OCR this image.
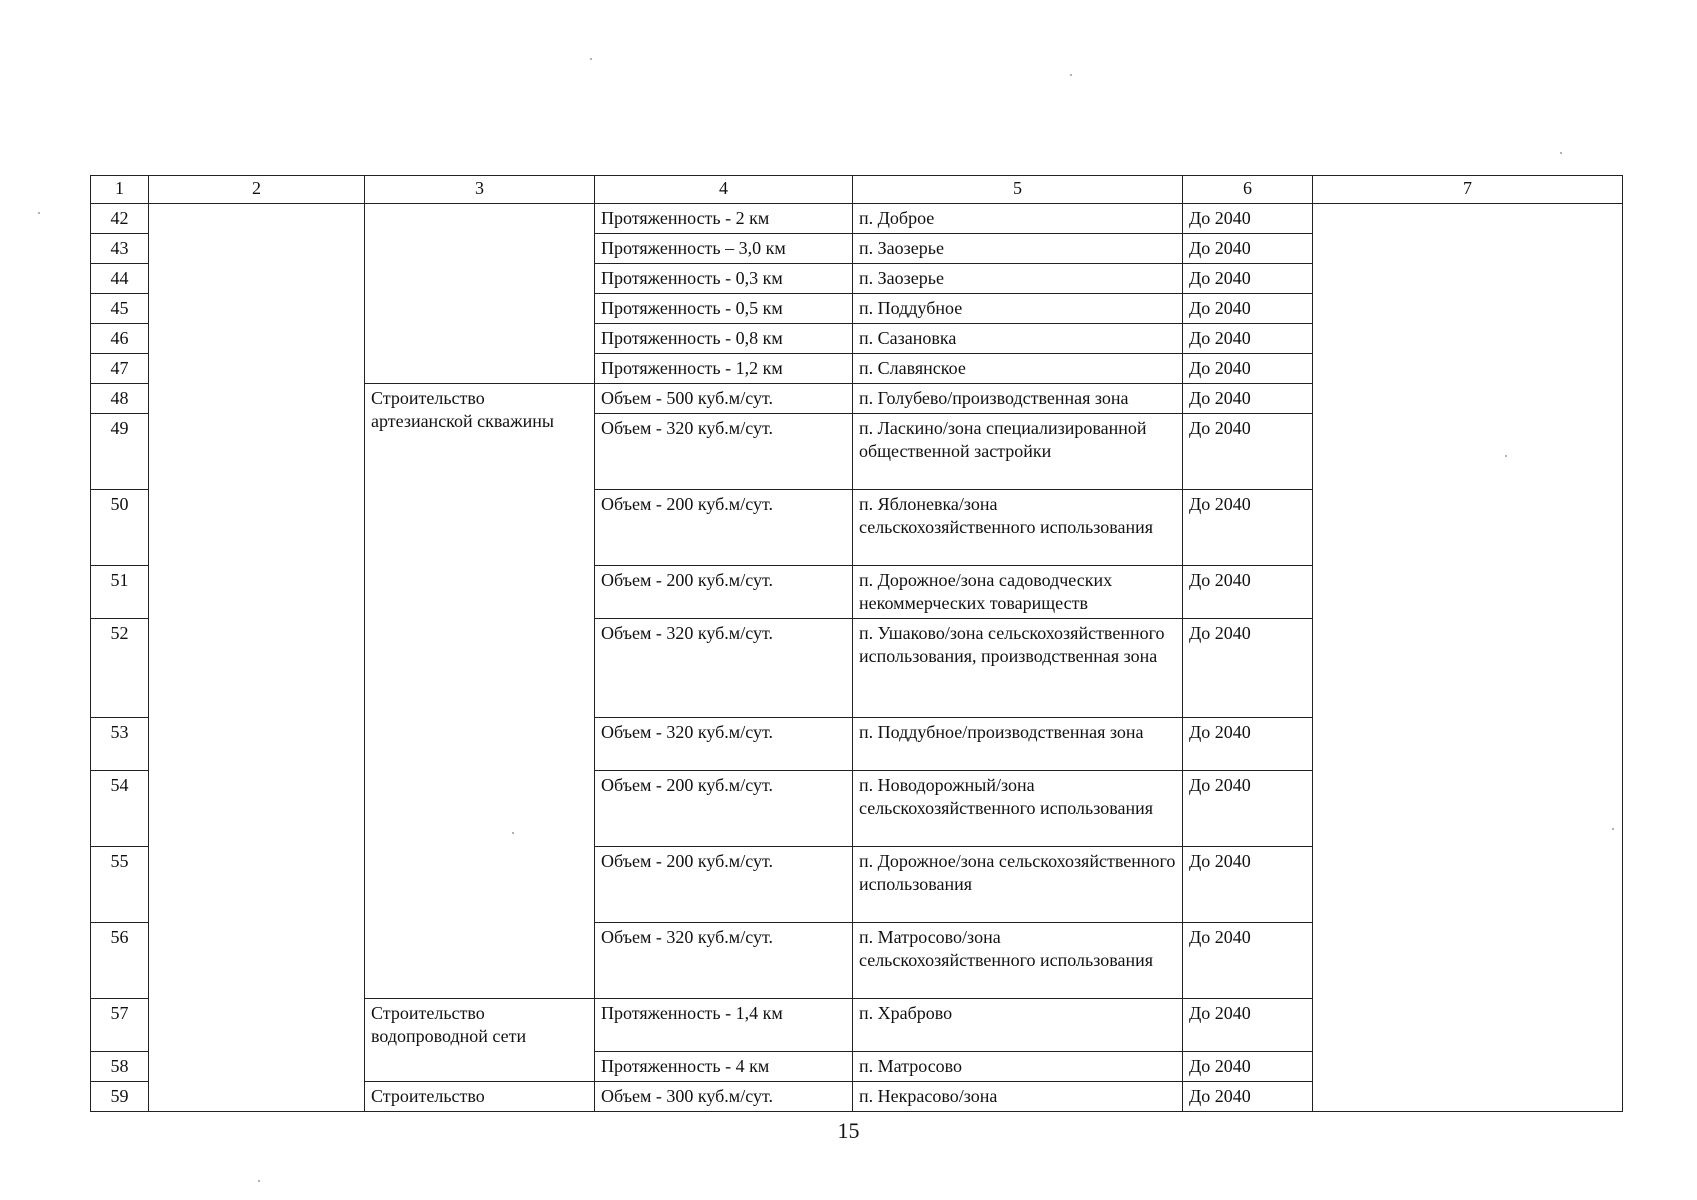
1	2	3	4	5	6	7
42			Протяженность - 2 км	п. Доброе	До 2040	
43			Протяженность – 3,0 км	п. Заозерье	До 2040	
44			Протяженность - 0,3 км	п. Заозерье	До 2040	
45			Протяженность - 0,5 км	п. Поддубное	До 2040	
46			Протяженность - 0,8 км	п. Сазановка	До 2040	
47			Протяженность - 1,2 км	п. Славянское	До 2040	
48		Строительство артезианской скважины	Объем - 500 куб.м/сут.	п. Голубево/производственная зона	До 2040	
49			Объем - 320 куб.м/сут.	п. Ласкино/зона специализированной общественной застройки	До 2040	
50			Объем - 200 куб.м/сут.	п. Яблоневка/зона сельскохозяйственного использования	До 2040	
51			Объем - 200 куб.м/сут.	п. Дорожное/зона садоводческих некоммерческих товариществ	До 2040	
52			Объем - 320 куб.м/сут.	п. Ушаково/зона сельскохозяйственного использования, производственная зона	До 2040	
53			Объем - 320 куб.м/сут.	п. Поддубное/производственная зона	До 2040	
54			Объем - 200 куб.м/сут.	п. Новодорожный/зона сельскохозяйственного использования	До 2040	
55			Объем - 200 куб.м/сут.	п. Дорожное/зона сельскохозяйственного использования	До 2040	
56			Объем - 320 куб.м/сут.	п. Матросово/зона сельскохозяйственного использования	До 2040	
57		Строительство водопроводной сети	Протяженность - 1,4 км	п. Храброво	До 2040	
58			Протяженность - 4 км	п. Матросово	До 2040	
59		Строительство	Объем - 300 куб.м/сут.	п. Некрасово/зона	До 2040	
15
